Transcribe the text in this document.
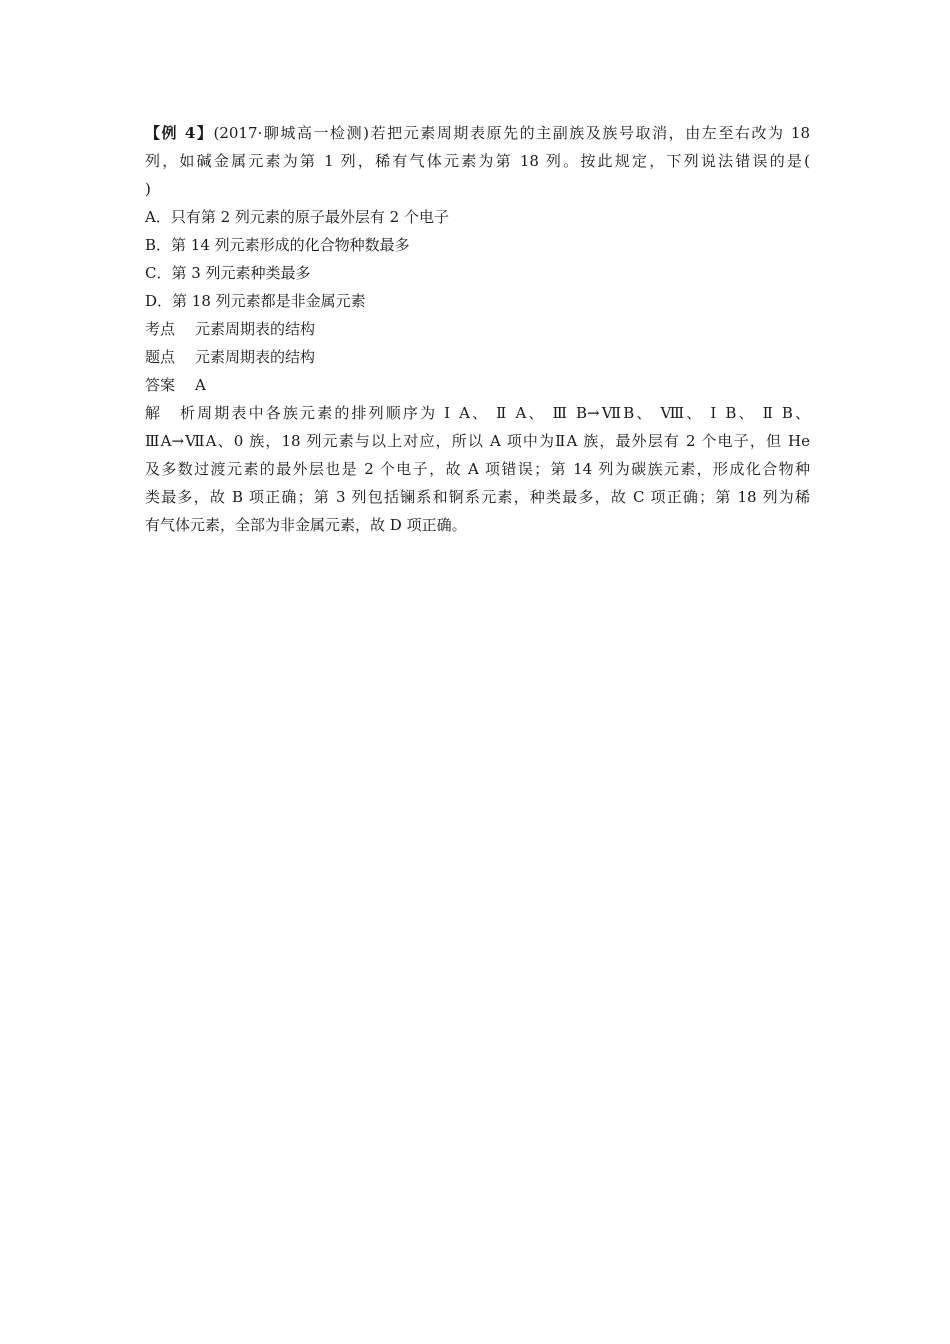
【例 4】(2017·聊城高一检测)若把元素周期表原先的主副族及族号取消，由左至右改为 18
列，如碱金属元素为第 1 列，稀有气体元素为第 18 列。按此规定，下列说法错误的是(
)
A．只有第 2 列元素的原子最外层有 2 个电子
B．第 14 列元素形成的化合物种数最多
C．第 3 列元素种类最多
D．第 18 列元素都是非金属元素
考点 元素周期表的结构
题点 元素周期表的结构
答案 A
解析周期表中各族元素的排列顺序为 Ⅰ A、 Ⅱ A、 Ⅲ B→ⅦB、 Ⅷ、 Ⅰ B、 Ⅱ B、
ⅢA→ⅦA、0 族，18 列元素与以上对应，所以 A 项中为ⅡA 族，最外层有 2 个电子，但 He
及多数过渡元素的最外层也是 2 个电子，故 A 项错误；第 14 列为碳族元素，形成化合物种
类最多，故 B 项正确；第 3 列包括镧系和锕系元素，种类最多，故 C 项正确；第 18 列为稀
有气体元素，全部为非金属元素，故 D 项正确。
